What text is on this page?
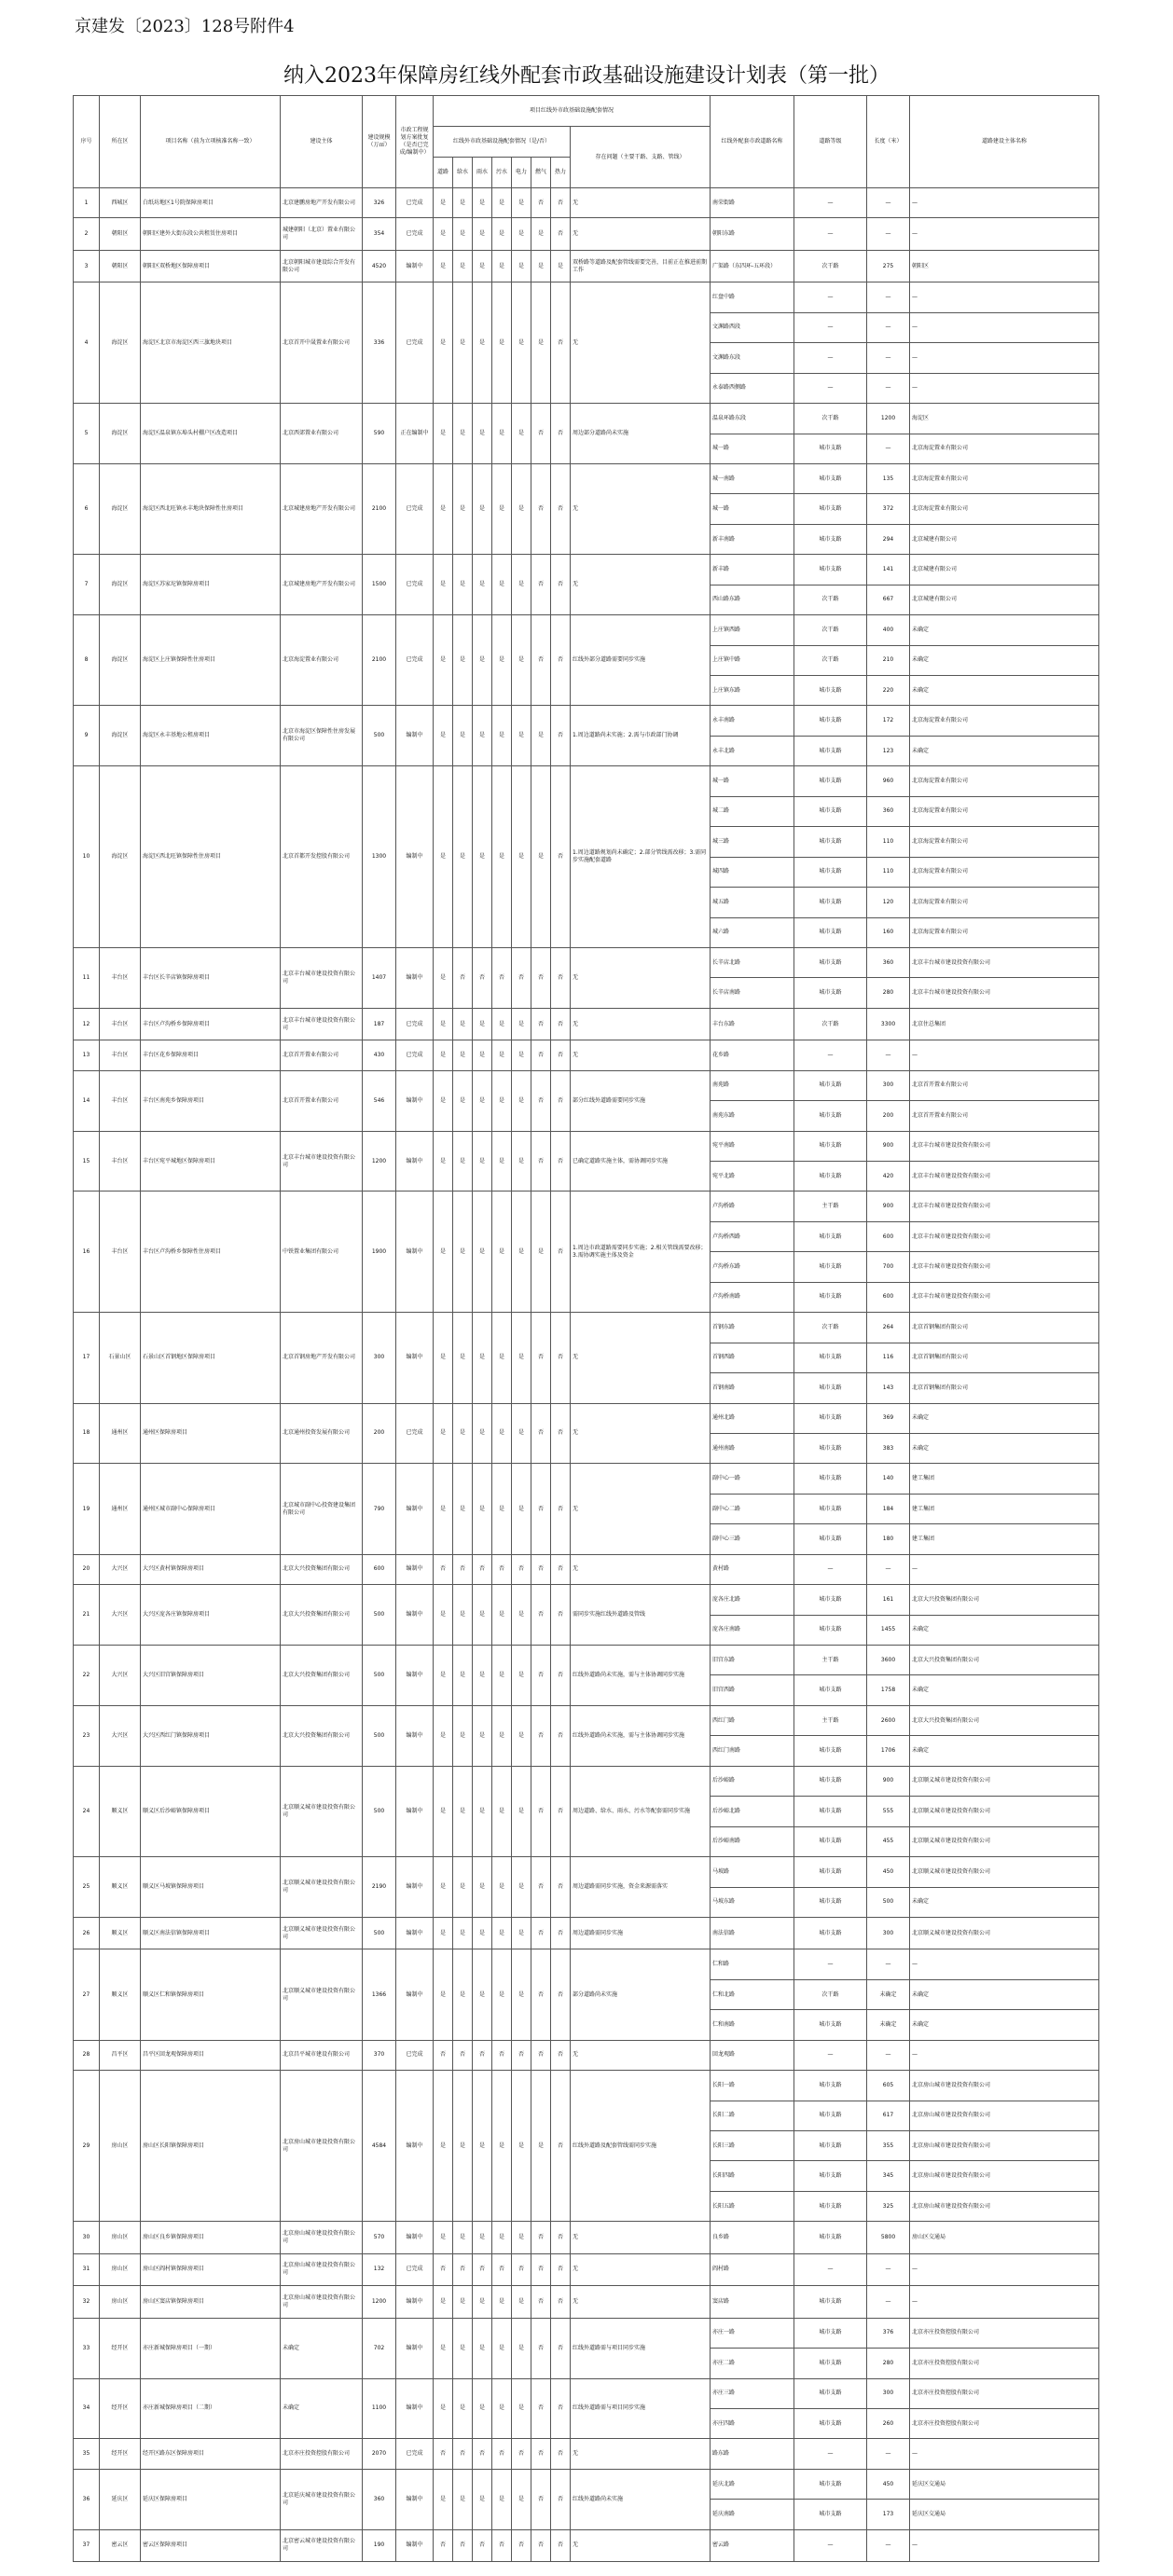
京建发〔2023〕128号附件4
纳入2023年保障房红线外配套市政基础设施建设计划表（第一批）
序号	所在区	项目名称（前为立项核准名称一致）	建设主体	建设规模（万㎡）	市政工程规划方案批复（是否已完成/编制中）	项目红线外市政基础设施配套情况								红线外配套市政道路名称	道路等级	长度（米）	道路建设主体名称
						红线外市政基础设施配套情况（是/否）							存在问题（主要干路、支路、管线）				
						道路	给水	雨水	污水	电力	燃气	热力					
1	西城区	白纸坊地区1号院保障房项目	北京建鹏房地产开发有限公司	326	已完成	是	是	是	是	是	否	否	无	南荣街路	—	—	—
2	朝阳区	朝阳区建外大街东段公共租赁住房项目	城建朝阳（北京）置业有限公司	354	已完成	是	是	是	是	是	是	否	无	朝阳东路	—	—	—
3	朝阳区	朝阳区双桥地区保障房项目	北京朝阳城市建设综合开发有限公司	4520	编制中	是	是	是	是	是	是	是	双桥路等道路及配套管线需要完善，目前正在推进前期工作	广渠路（东四环-五环段）	次干路	275	朝阳区
4	海淀区	海淀区北京市海淀区西三旗地块项目	北京首开中晟置业有限公司	336	已完成	是	是	是	是	是	是	否	无	红盘中路	—	—	—
														文渊路西段	—	—	—
														文渊路东段	—	—	—
														永泰路西侧路	—	—	—
5	海淀区	海淀区温泉镇东埠头村棚户区改造项目	北京西郊置业有限公司	590	正在编制中	是	是	是	是	是	否	否	周边部分道路尚未实施	温泉环路东段	次干路	1200	海淀区
														城一路	城市支路	—	北京海淀置业有限公司
6	海淀区	海淀区西北旺镇永丰地块保障性住房项目	北京城建房地产开发有限公司	2100	已完成	是	是	是	是	是	否	否	无	城一南路	城市支路	135	北京海淀置业有限公司
														城一路	城市支路	372	北京海淀置业有限公司
														新丰南路	城市支路	294	北京城建有限公司
7	海淀区	海淀区苏家坨镇保障房项目	北京城建房地产开发有限公司	1500	已完成	是	是	是	是	是	否	否	无	新丰路	城市支路	141	北京城建有限公司
														西山路东路	次干路	667	北京城建有限公司
8	海淀区	海淀区上庄镇保障性住房项目	北京海淀置业有限公司	2100	已完成	是	是	是	是	是	否	否	红线外部分道路需要同步实施	上庄镇西路	次干路	400	未确定
														上庄镇中路	次干路	210	未确定
														上庄镇东路	城市支路	220	未确定
9	海淀区	海淀区永丰基地公租房项目	北京市海淀区保障性住房发展有限公司	500	编制中	是	是	是	是	是	是	否	1.周边道路尚未实施；2.需与市政部门协调	永丰南路	城市支路	172	北京海淀置业有限公司
														永丰北路	城市支路	123	未确定
10	海淀区	海淀区西北旺镇保障性住房项目	北京首都开发控股有限公司	1300	编制中	是	是	是	是	是	是	否	1.周边道路规划尚未确定；2.部分管线需改移；3.需同步实施配套道路	城一路	城市支路	960	北京海淀置业有限公司
														城二路	城市支路	360	北京海淀置业有限公司
														城三路	城市支路	110	北京海淀置业有限公司
														城四路	城市支路	110	北京海淀置业有限公司
														城五路	城市支路	120	北京海淀置业有限公司
														城六路	城市支路	160	北京海淀置业有限公司
11	丰台区	丰台区长辛店镇保障房项目	北京丰台城市建设投资有限公司	1407	编制中	是	否	否	否	否	否	否	无	长辛店北路	城市支路	360	北京丰台城市建设投资有限公司
														长辛店南路	城市支路	280	北京丰台城市建设投资有限公司
12	丰台区	丰台区卢沟桥乡保障房项目	北京丰台城市建设投资有限公司	187	已完成	是	是	是	是	是	否	否	无	丰台东路	次干路	3300	北京住总集团
13	丰台区	丰台区花乡保障房项目	北京首开置业有限公司	430	已完成	是	是	是	是	是	否	否	无	花乡路	—	—	—
14	丰台区	丰台区南苑乡保障房项目	北京首开置业有限公司	546	编制中	是	是	是	是	是	否	否	部分红线外道路需要同步实施	南苑路	城市支路	300	北京首开置业有限公司
														南苑东路	城市支路	200	北京首开置业有限公司
15	丰台区	丰台区宛平城地区保障房项目	北京丰台城市建设投资有限公司	1200	编制中	是	是	是	是	是	否	否	已确定道路实施主体，需协调同步实施	宛平南路	城市支路	900	北京丰台城市建设投资有限公司
														宛平北路	城市支路	420	北京丰台城市建设投资有限公司
16	丰台区	丰台区卢沟桥乡保障性住房项目	中铁置业集团有限公司	1900	编制中	是	是	是	是	是	是	否	1.周边市政道路需要同步实施；2.相关管线需要改移；3.需协调实施主体及资金	卢沟桥路	主干路	900	北京丰台城市建设投资有限公司
														卢沟桥西路	城市支路	600	北京丰台城市建设投资有限公司
														卢沟桥东路	城市支路	700	北京丰台城市建设投资有限公司
														卢沟桥南路	城市支路	600	北京丰台城市建设投资有限公司
17	石景山区	石景山区首钢地区保障房项目	北京首钢房地产开发有限公司	300	编制中	是	是	是	是	是	否	否	无	首钢东路	次干路	264	北京首钢集团有限公司
														首钢西路	城市支路	116	北京首钢集团有限公司
														首钢南路	城市支路	143	北京首钢集团有限公司
18	通州区	通州区保障房项目	北京通州投资发展有限公司	200	已完成	是	是	是	是	是	否	否	无	通州北路	城市支路	369	未确定
														通州南路	城市支路	383	未确定
19	通州区	通州区城市副中心保障房项目	北京城市副中心投资建设集团有限公司	790	编制中	是	是	是	是	是	否	否	无	副中心一路	城市支路	140	建工集团
														副中心二路	城市支路	184	建工集团
														副中心三路	城市支路	180	建工集团
20	大兴区	大兴区黄村镇保障房项目	北京大兴投资集团有限公司	600	编制中	否	否	否	否	否	否	否	无	黄村路	—	—	—
21	大兴区	大兴区庞各庄镇保障房项目	北京大兴投资集团有限公司	500	编制中	是	是	是	是	是	否	否	需同步实施红线外道路及管线	庞各庄北路	城市支路	161	北京大兴投资集团有限公司
														庞各庄南路	城市支路	1455	未确定
22	大兴区	大兴区旧宫镇保障房项目	北京大兴投资集团有限公司	500	编制中	是	是	是	是	是	否	否	红线外道路尚未实施，需与主体协调同步实施	旧宫东路	主干路	3600	北京大兴投资集团有限公司
														旧宫西路	城市支路	1758	未确定
23	大兴区	大兴区西红门镇保障房项目	北京大兴投资集团有限公司	500	编制中	是	是	是	是	是	否	否	红线外道路尚未实施，需与主体协调同步实施	西红门路	主干路	2600	北京大兴投资集团有限公司
														西红门南路	城市支路	1706	未确定
24	顺义区	顺义区后沙峪镇保障房项目	北京顺义城市建设投资有限公司	500	编制中	是	是	是	是	是	否	否	周边道路、给水、雨水、污水等配套需同步实施	后沙峪路	城市支路	900	北京顺义城市建设投资有限公司
														后沙峪北路	城市支路	555	北京顺义城市建设投资有限公司
														后沙峪南路	城市支路	455	北京顺义城市建设投资有限公司
25	顺义区	顺义区马坡镇保障房项目	北京顺义城市建设投资有限公司	2190	编制中	是	是	是	是	是	否	否	周边道路需同步实施，资金来源需落实	马坡路	城市支路	450	北京顺义城市建设投资有限公司
														马坡东路	城市支路	500	未确定
26	顺义区	顺义区南法信镇保障房项目	北京顺义城市建设投资有限公司	500	编制中	是	是	是	是	是	否	否	周边道路需同步实施	南法信路	城市支路	300	北京顺义城市建设投资有限公司
27	顺义区	顺义区仁和镇保障房项目	北京顺义城市建设投资有限公司	1366	编制中	是	是	是	是	是	否	否	部分道路尚未实施	仁和路	—	—	—
														仁和北路	次干路	未确定	未确定
														仁和南路	城市支路	未确定	未确定
28	昌平区	昌平区回龙观保障房项目	北京昌平城市建设有限公司	370	已完成	否	否	否	否	否	否	否	无	回龙观路	—	—	—
29	房山区	房山区长阳镇保障房项目	北京房山城市建设投资有限公司	4584	编制中	是	是	是	是	是	是	否	红线外道路及配套管线需同步实施	长阳一路	城市支路	605	北京房山城市建设投资有限公司
														长阳二路	城市支路	617	北京房山城市建设投资有限公司
														长阳三路	城市支路	355	北京房山城市建设投资有限公司
														长阳四路	城市支路	345	北京房山城市建设投资有限公司
														长阳五路	城市支路	325	北京房山城市建设投资有限公司
30	房山区	房山区良乡镇保障房项目	北京房山城市建设投资有限公司	570	编制中	是	是	是	是	是	否	否	无	良乡路	城市支路	5800	房山区交通局
31	房山区	房山区阎村镇保障房项目	北京房山城市建设投资有限公司	132	已完成	否	否	否	否	否	否	否	无	阎村路	—	—	—
32	房山区	房山区窦店镇保障房项目	北京房山城市建设投资有限公司	1200	编制中	是	是	是	是	是	否	否	无	窦店路	城市支路	—	—
33	经开区	亦庄新城保障房项目（一期）	未确定	702	编制中	是	是	是	是	是	否	否	红线外道路需与项目同步实施	亦庄一路	城市支路	376	北京亦庄投资控股有限公司
														亦庄二路	城市支路	280	北京亦庄投资控股有限公司
34	经开区	亦庄新城保障房项目（二期）	未确定	1100	编制中	是	是	是	是	是	否	否	红线外道路需与项目同步实施	亦庄三路	城市支路	300	北京亦庄投资控股有限公司
														亦庄四路	城市支路	260	北京亦庄投资控股有限公司
35	经开区	经开区路东区保障房项目	北京亦庄投资控股有限公司	2070	已完成	否	否	否	否	否	否	否	无	路东路	—	—	—
36	延庆区	延庆区保障房项目	北京延庆城市建设投资有限公司	360	编制中	是	是	是	是	是	否	否	红线外道路尚未实施	延庆北路	城市支路	450	延庆区交通局
														延庆南路	城市支路	173	延庆区交通局
37	密云区	密云区保障房项目	北京密云城市建设投资有限公司	190	编制中	否	否	否	否	否	否	否	无	密云路	—	—	—
